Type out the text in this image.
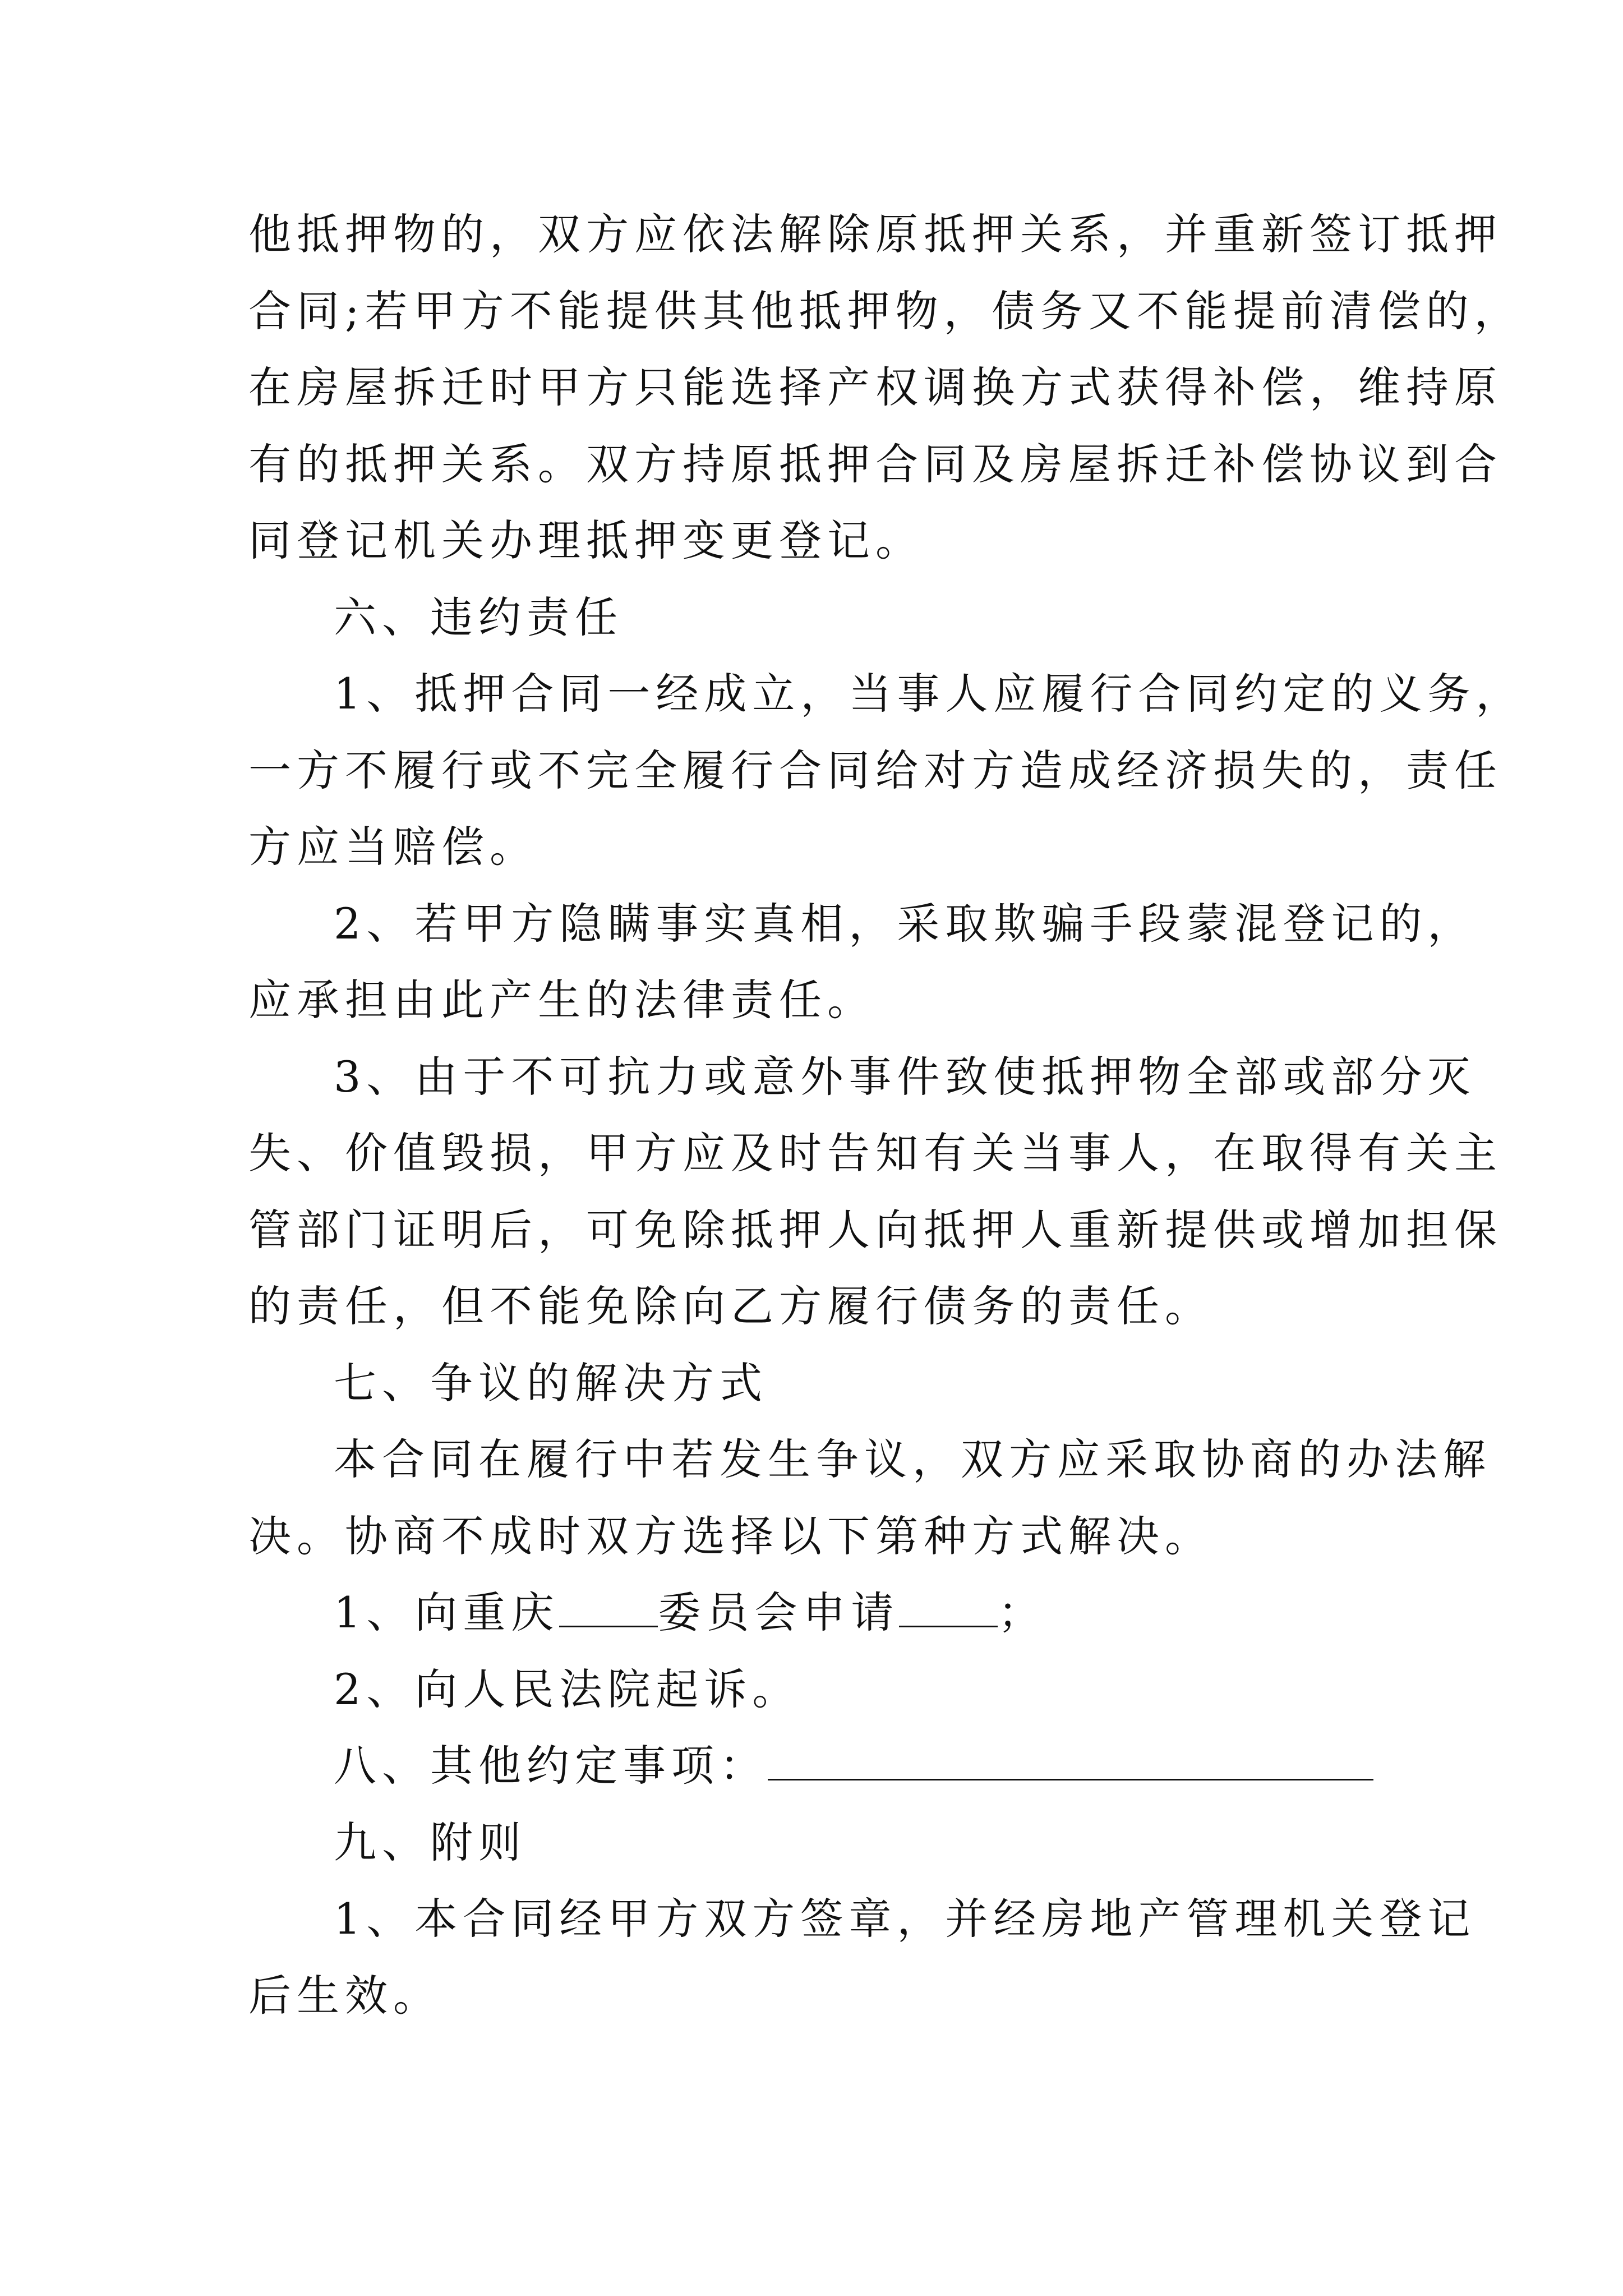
他抵押物的，双方应依法解除原抵押关系，并重新签订抵押
合同;若甲方不能提供其他抵押物，债务又不能提前清偿的，
在房屋拆迁时甲方只能选择产权调换方式获得补偿，维持原
有的抵押关系。双方持原抵押合同及房屋拆迁补偿协议到合
同登记机关办理抵押变更登记。
六、违约责任
1、抵押合同一经成立，当事人应履行合同约定的义务，
一方不履行或不完全履行合同给对方造成经济损失的，责任
方应当赔偿。
2、若甲方隐瞒事实真相，采取欺骗手段蒙混登记的，
应承担由此产生的法律责任。
3、由于不可抗力或意外事件致使抵押物全部或部分灭
失、价值毁损，甲方应及时告知有关当事人，在取得有关主
管部门证明后，可免除抵押人向抵押人重新提供或增加担保
的责任，但不能免除向乙方履行债务的责任。
七、争议的解决方式
本合同在履行中若发生争议，双方应采取协商的办法解
决。协商不成时双方选择以下第种方式解决。
1、向重庆 委员会申请 ；
2、向人民法院起诉。
八、其他约定事项：
九、附则
1、本合同经甲方双方签章，并经房地产管理机关登记
后生效。
